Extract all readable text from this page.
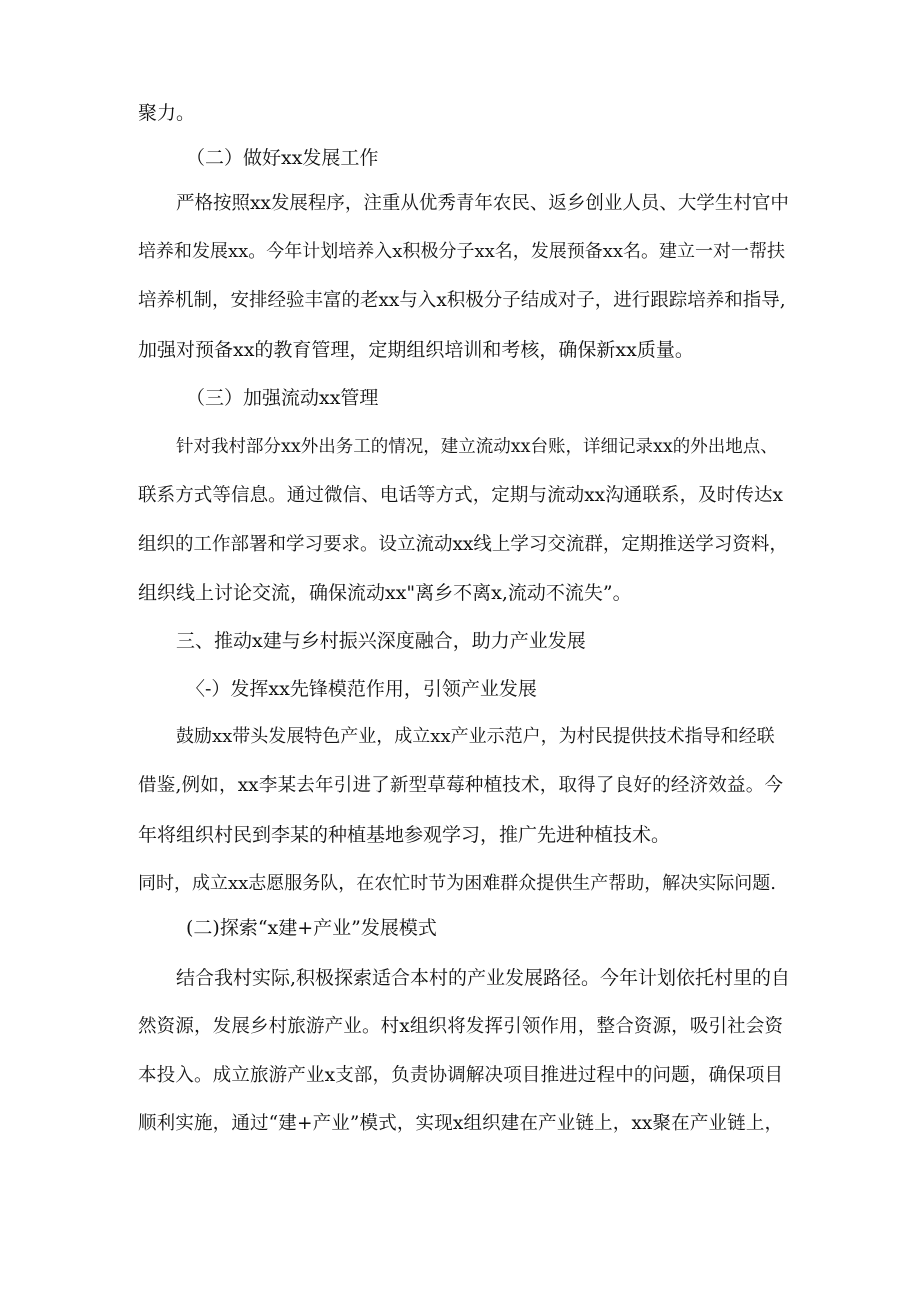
聚力。
（二）做好xx发展工作
严格按照xx发展程序，注重从优秀青年农民、返乡创业人员、大学生村官中
培养和发展xx。今年计划培养入x积极分子xx名，发展预备xx名。建立一对一帮扶
培养机制，安排经验丰富的老xx与入x积极分子结成对子，进行跟踪培养和指导,
加强对预备xx的教育管理，定期组织培训和考核，确保新xx质量。
（三）加强流动xx管理
针对我村部分xx外出务工的情况，建立流动xx台账，详细记录xx的外出地点、
联系方式等信息。通过微信、电话等方式，定期与流动xx沟通联系，及时传达x
组织的工作部署和学习要求。设立流动xx线上学习交流群，定期推送学习资料，
组织线上讨论交流，确保流动xx"离乡不离x,流动不流失”。
三、推动x建与乡村振兴深度融合，助力产业发展
〈-）发挥xx先锋模范作用，引领产业发展
鼓励xx带头发展特色产业，成立xx产业示范户，为村民提供技术指导和经联
借鉴,例如，xx李某去年引进了新型草莓种植技术，取得了良好的经济效益。今
年将组织村民到李某的种植基地参观学习，推广先进种植技术。
同时，成立xx志愿服务队，在农忙时节为困难群众提供生产帮助，解决实际问题.
(二)探索“x建+产业”发展模式
结合我村实际,积极探索适合本村的产业发展路径。今年计划依托村里的自
然资源，发展乡村旅游产业。村x组织将发挥引领作用，整合资源，吸引社会资
本投入。成立旅游产业x支部，负责协调解决项目推进过程中的问题，确保项目
顺利实施，通过“建+产业”模式，实现x组织建在产业链上，xx聚在产业链上，
